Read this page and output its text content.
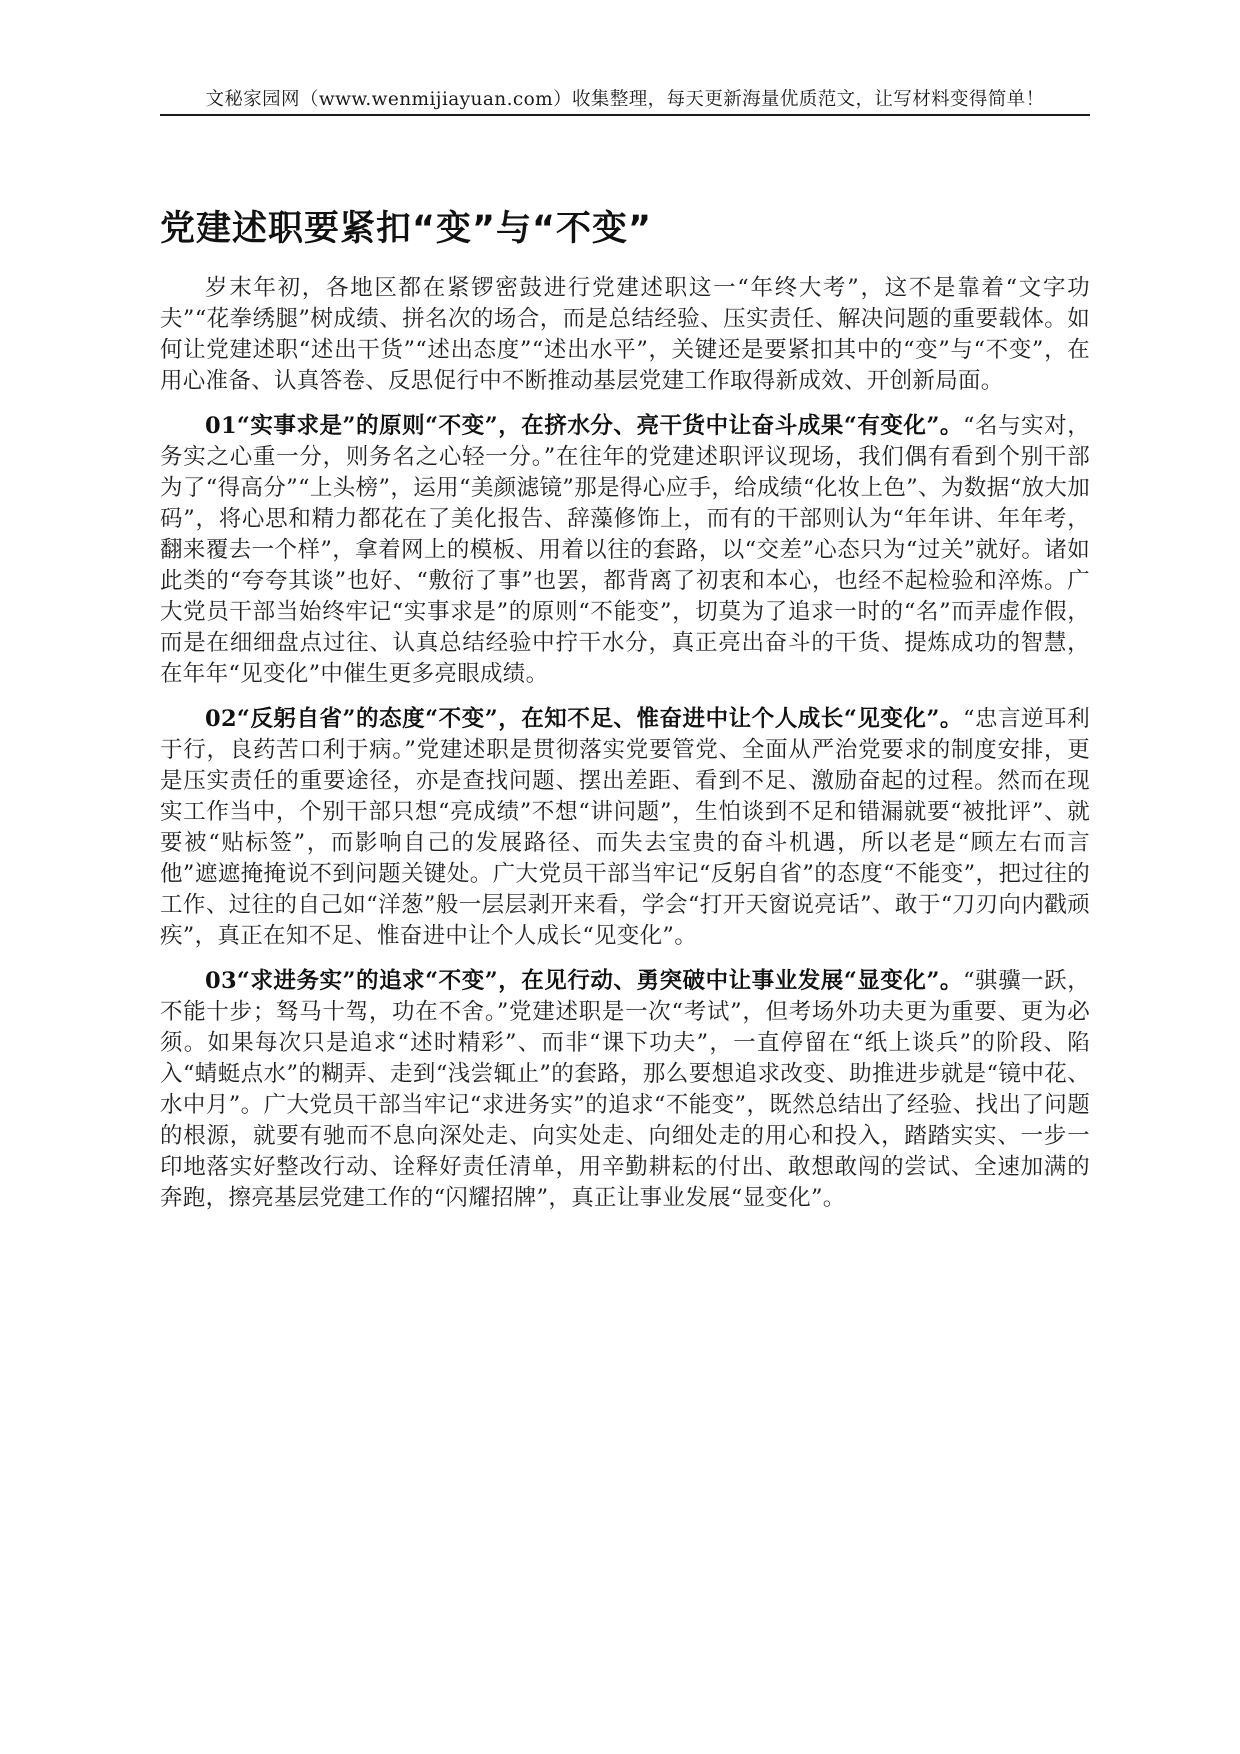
文秘家园网（www.wenmijiayuan.com）收集整理，每天更新海量优质范文，让写材料变得简单！
党建述职要紧扣“变”与“不变”

岁末年初，各地区都在紧锣密鼓进行党建述职这一“年终大考”，这不是靠着“文字功夫”“花拳绣腿”树成绩、拼名次的场合，而是总结经验、压实责任、解决问题的重要载体。如何让党建述职“述出干货”“述出态度”“述出水平”，关键还是要紧扣其中的“变”与“不变”，在用心准备、认真答卷、反思促行中不断推动基层党建工作取得新成效、开创新局面。

01“实事求是”的原则“不变”，在挤水分、亮干货中让奋斗成果“有变化”。“名与实对，务实之心重一分，则务名之心轻一分。”在往年的党建述职评议现场，我们偶有看到个别干部为了“得高分”“上头榜”，运用“美颜滤镜”那是得心应手，给成绩“化妆上色”、为数据“放大加码”，将心思和精力都花在了美化报告、辞藻修饰上，而有的干部则认为“年年讲、年年考，翻来覆去一个样”，拿着网上的模板、用着以往的套路，以“交差”心态只为“过关”就好。诸如此类的“夸夸其谈”也好、“敷衍了事”也罢，都背离了初衷和本心，也经不起检验和淬炼。广大党员干部当始终牢记“实事求是”的原则“不能变”，切莫为了追求一时的“名”而弄虚作假，而是在细细盘点过往、认真总结经验中拧干水分，真正亮出奋斗的干货、提炼成功的智慧，在年年“见变化”中催生更多亮眼成绩。

02“反躬自省”的态度“不变”，在知不足、惟奋进中让个人成长“见变化”。“忠言逆耳利于行，良药苦口利于病。”党建述职是贯彻落实党要管党、全面从严治党要求的制度安排，更是压实责任的重要途径，亦是查找问题、摆出差距、看到不足、激励奋起的过程。然而在现实工作当中，个别干部只想“亮成绩”不想“讲问题”，生怕谈到不足和错漏就要“被批评”、就要被“贴标签”，而影响自己的发展路径、而失去宝贵的奋斗机遇，所以老是“顾左右而言他”遮遮掩掩说不到问题关键处。广大党员干部当牢记“反躬自省”的态度“不能变”，把过往的工作、过往的自己如“洋葱”般一层层剥开来看，学会“打开天窗说亮话”、敢于“刀刃向内戳顽疾”，真正在知不足、惟奋进中让个人成长“见变化”。

03“求进务实”的追求“不变”，在见行动、勇突破中让事业发展“显变化”。“骐骥一跃，不能十步；驽马十驾，功在不舍。”党建述职是一次“考试”，但考场外功夫更为重要、更为必须。如果每次只是追求“述时精彩”、而非“课下功夫”，一直停留在“纸上谈兵”的阶段、陷入“蜻蜓点水”的糊弄、走到“浅尝辄止”的套路，那么要想追求改变、助推进步就是“镜中花、水中月”。广大党员干部当牢记“求进务实”的追求“不能变”，既然总结出了经验、找出了问题的根源，就要有驰而不息向深处走、向实处走、向细处走的用心和投入，踏踏实实、一步一印地落实好整改行动、诠释好责任清单，用辛勤耕耘的付出、敢想敢闯的尝试、全速加满的奔跑，擦亮基层党建工作的“闪耀招牌”，真正让事业发展“显变化”。
